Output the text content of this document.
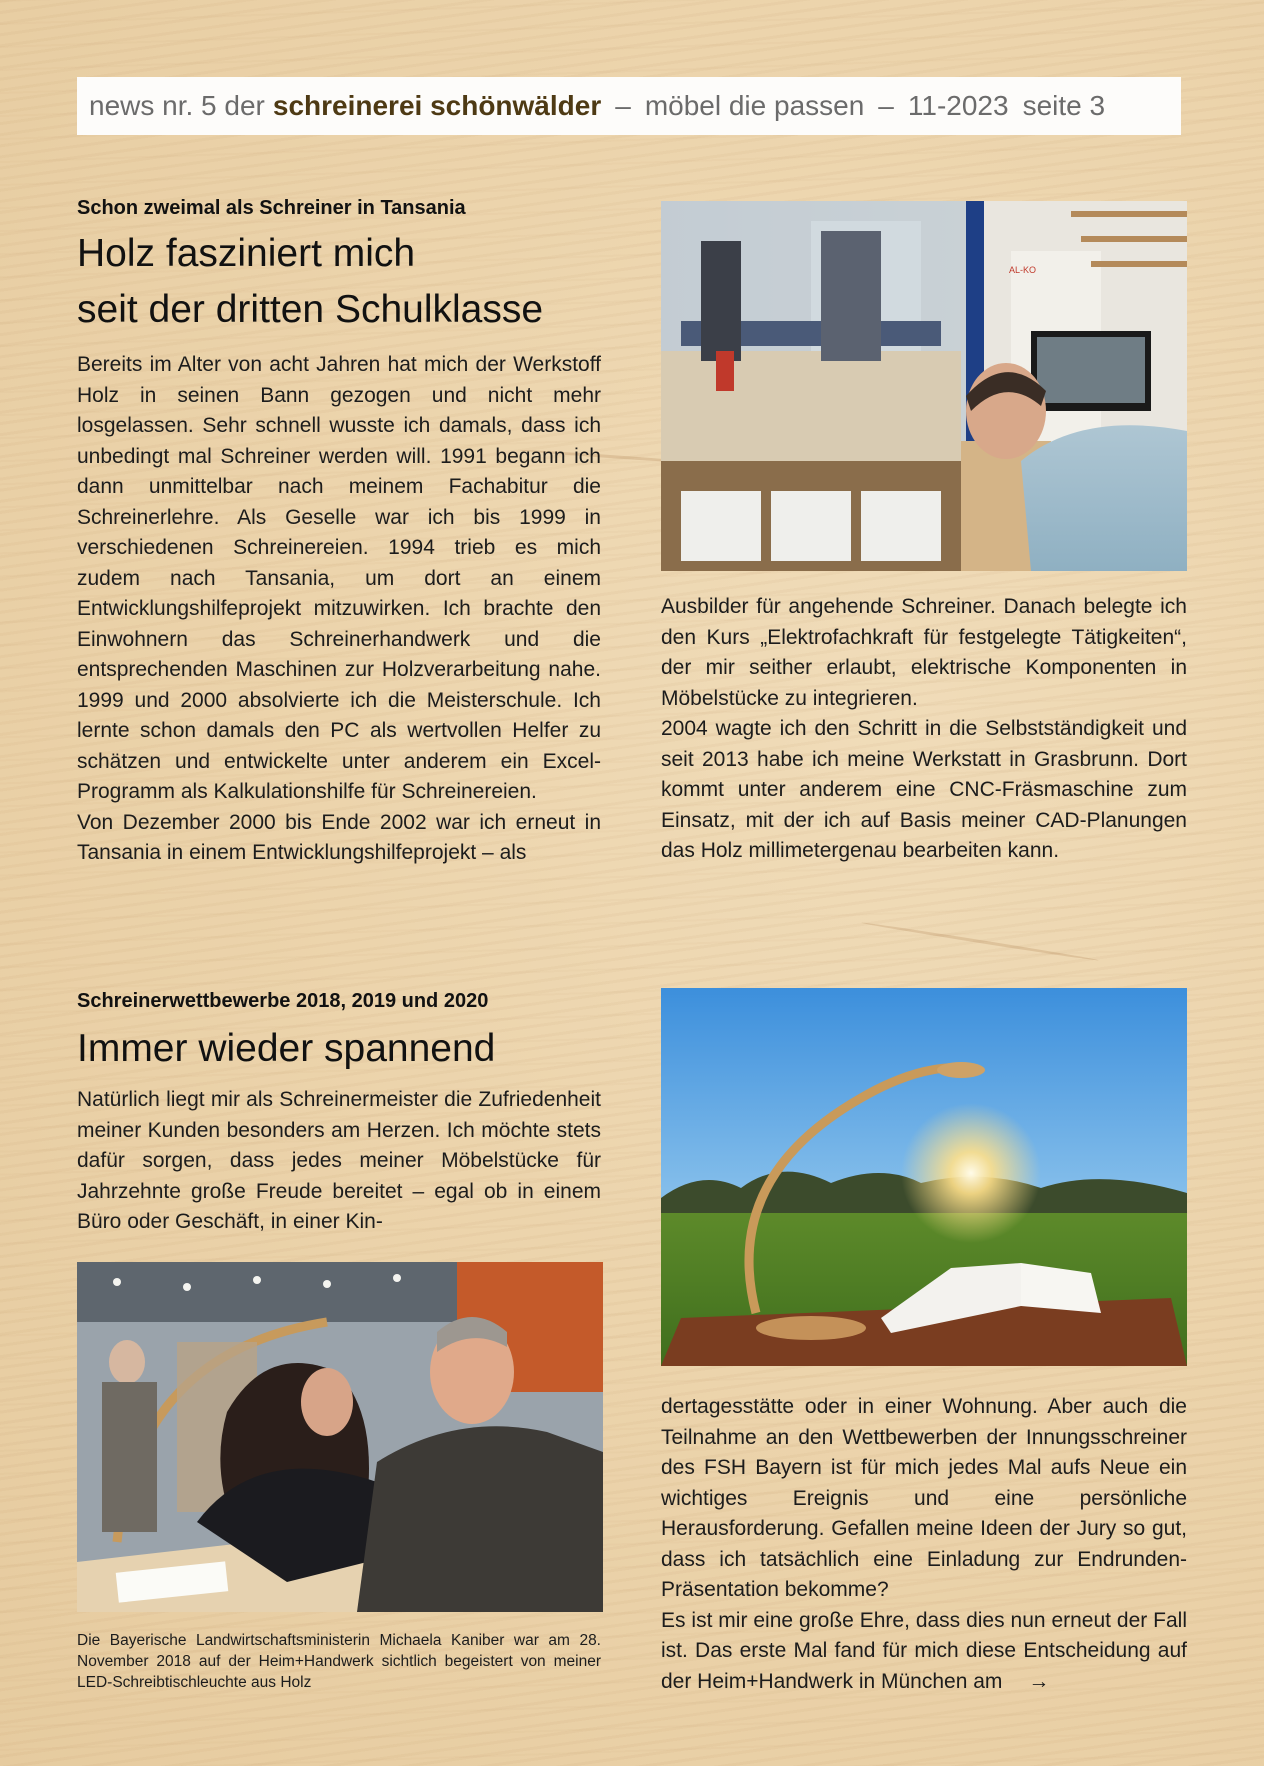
news nr. 5 der schreinerei schönwälder – möbel die passen – 11-2023 seite 3
Schon zweimal als Schreiner in Tansania
Holz fasziniert mich
seit der dritten Schulklasse

Bereits im Alter von acht Jahren hat mich der Werkstoff Holz in seinen Bann gezogen und nicht mehr losgelassen. Sehr schnell wusste ich damals, dass ich unbedingt mal Schreiner werden will. 1991 begann ich dann unmittelbar nach meinem Fachabitur die Schreinerlehre. Als Geselle war ich bis 1999 in verschiedenen Schreinereien. 1994 trieb es mich zudem nach Tansania, um dort an einem Entwicklungshilfeprojekt mitzuwirken. Ich brachte den Einwohnern das Schreinerhandwerk und die entsprechenden Maschinen zur Holzverarbeitung nahe. 1999 und 2000 absolvierte ich die Meisterschule. Ich lernte schon damals den PC als wertvollen Helfer zu schätzen und entwickelte unter anderem ein Excel-Programm als Kalkulationshilfe für Schreinereien.

Von Dezember 2000 bis Ende 2002 war ich erneut in Tansania in einem Entwicklungshilfeprojekt – als

AL-KO

Ausbilder für angehende Schreiner. Danach belegte ich den Kurs „Elektrofachkraft für festgelegte Tätigkeiten“, der mir seither erlaubt, elektrische Komponenten in Möbelstücke zu integrieren.

2004 wagte ich den Schritt in die Selbstständigkeit und seit 2013 habe ich meine Werkstatt in Grasbrunn. Dort kommt unter anderem eine CNC-Fräsmaschine zum Einsatz, mit der ich auf Basis meiner CAD-Planungen das Holz millimetergenau bearbeiten kann.

Schreinerwettbewerbe 2018, 2019 und 2020
Immer wieder spannend
Natürlich liegt mir als Schreinermeister die Zufriedenheit meiner Kunden besonders am Herzen. Ich möchte stets dafür sorgen, dass jedes meiner Möbelstücke für Jahrzehnte große Freude bereitet – egal ob in einem Büro oder Geschäft, in einer Kin-
Die Bayerische Landwirtschaftsministerin Michaela Kaniber war am 28. November 2018 auf der Heim+Handwerk sichtlich begeistert von meiner LED-Schreibtischleuchte aus Holz

dertagesstätte oder in einer Wohnung. Aber auch die Teilnahme an den Wettbewerben der Innungsschreiner des FSH Bayern ist für mich jedes Mal aufs Neue ein wichtiges Ereignis und eine persönliche Herausforderung. Gefallen meine Ideen der Jury so gut, dass ich tatsächlich eine Einladung zur Endrunden-Präsentation bekomme?

Es ist mir eine große Ehre, dass dies nun erneut der Fall ist. Das erste Mal fand für mich diese Entscheidung auf der Heim+Handwerk in München am →
